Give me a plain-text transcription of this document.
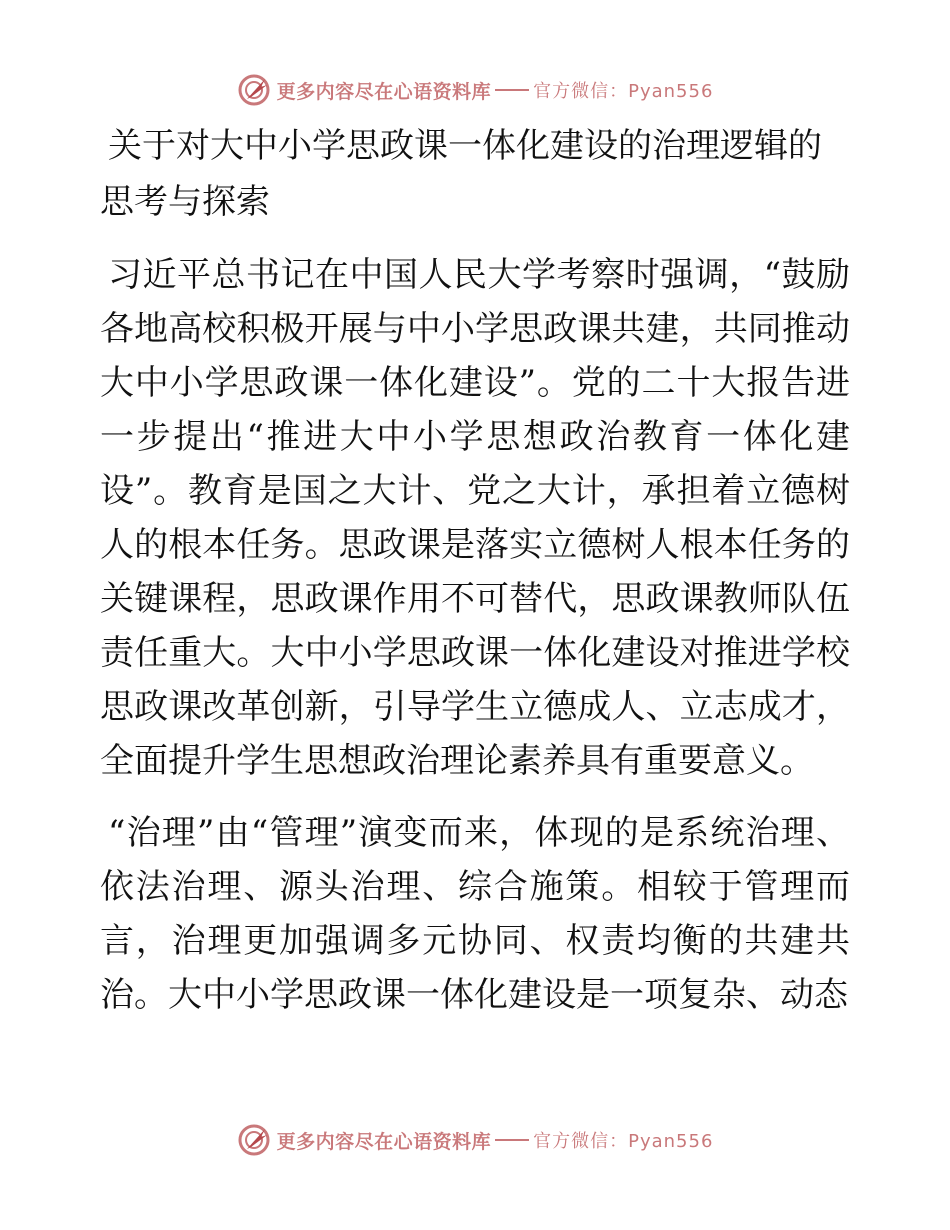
更多内容尽在心语资料库 官方微信：Pyan556
关于对大中小学思政课一体化建设的治理逻辑的思考与探索

习近平总书记在中国人民大学考察时强调，“鼓励各地高校积极开展与中小学思政课共建，共同推动大中小学思政课一体化建设”。党的二十大报告进一步提出“推进大中小学思想政治教育一体化建设”。教育是国之大计、党之大计，承担着立德树人的根本任务。思政课是落实立德树人根本任务的关键课程，思政课作用不可替代，思政课教师队伍责任重大。大中小学思政课一体化建设对推进学校思政课改革创新，引导学生立德成人、立志成才，全面提升学生思想政治理论素养具有重要意义。

“治理”由“管理”演变而来，体现的是系统治理、依法治理、源头治理、综合施策。相较于管理而言，治理更加强调多元协同、权责均衡的共建共治。大中小学思政课一体化建设是一项复杂、动态

更多内容尽在心语资料库 官方微信：Pyan556
